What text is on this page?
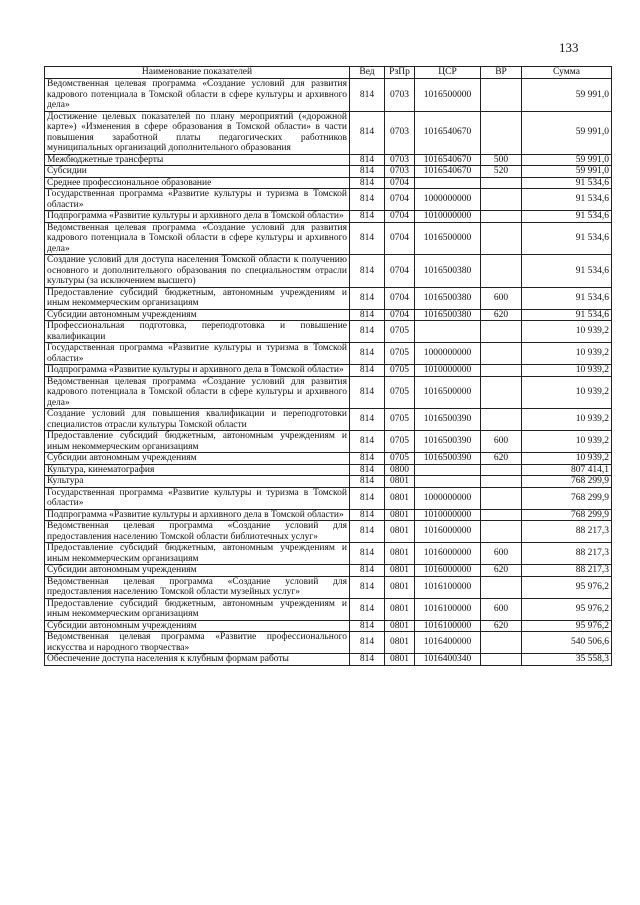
133
Наименование показателей	Вед	РзПр	ЦСР	ВР	Сумма
Ведомственная целевая программа «Создание условий для развития кадрового потенциала в Томской области в сфере культуры и архивного дела»	814	0703	1016500000		59 991,0
Достижение целевых показателей по плану мероприятий («дорожной карте») «Изменения в сфере образования в Томской области» в части повышения заработной платы педагогических работников муниципальных организаций дополнительного образования	814	0703	1016540670		59 991,0
Межбюджетные трансферты	814	0703	1016540670	500	59 991,0
Субсидии	814	0703	1016540670	520	59 991,0
Среднее профессиональное образование	814	0704			91 534,6
Государственная программа «Развитие культуры и туризма в Томской области»	814	0704	1000000000		91 534,6
Подпрограмма «Развитие культуры и архивного дела в Томской области»	814	0704	1010000000		91 534,6
Ведомственная целевая программа «Создание условий для развития кадрового потенциала в Томской области в сфере культуры и архивного дела»	814	0704	1016500000		91 534,6
Создание условий для доступа населения Томской области к получению основного и дополнительного образования по специальностям отрасли культуры (за исключением высшего)	814	0704	1016500380		91 534,6
Предоставление субсидий бюджетным, автономным учреждениям и иным некоммерческим организациям	814	0704	1016500380	600	91 534,6
Субсидии автономным учреждениям	814	0704	1016500380	620	91 534,6
Профессиональная подготовка, переподготовка и повышение квалификации	814	0705			10 939,2
Государственная программа «Развитие культуры и туризма в Томской области»	814	0705	1000000000		10 939,2
Подпрограмма «Развитие культуры и архивного дела в Томской области»	814	0705	1010000000		10 939,2
Ведомственная целевая программа «Создание условий для развития кадрового потенциала в Томской области в сфере культуры и архивного дела»	814	0705	1016500000		10 939,2
Создание условий для повышения квалификации и переподготовки специалистов отрасли культуры Томской области	814	0705	1016500390		10 939,2
Предоставление субсидий бюджетным, автономным учреждениям и иным некоммерческим организациям	814	0705	1016500390	600	10 939,2
Субсидии автономным учреждениям	814	0705	1016500390	620	10 939,2
Культура, кинематография	814	0800			807 414,1
Культура	814	0801			768 299,9
Государственная программа «Развитие культуры и туризма в Томской области»	814	0801	1000000000		768 299,9
Подпрограмма «Развитие культуры и архивного дела в Томской области»	814	0801	1010000000		768 299,9
Ведомственная целевая программа «Создание условий для предоставления населению Томской области библиотечных услуг»	814	0801	1016000000		88 217,3
Предоставление субсидий бюджетным, автономным учреждениям и иным некоммерческим организациям	814	0801	1016000000	600	88 217,3
Субсидии автономным учреждениям	814	0801	1016000000	620	88 217,3
Ведомственная целевая программа «Создание условий для предоставления населению Томской области музейных услуг»	814	0801	1016100000		95 976,2
Предоставление субсидий бюджетным, автономным учреждениям и иным некоммерческим организациям	814	0801	1016100000	600	95 976,2
Субсидии автономным учреждениям	814	0801	1016100000	620	95 976,2
Ведомственная целевая программа «Развитие профессионального искусства и народного творчества»	814	0801	1016400000		540 506,6
Обеспечение доступа населения к клубным формам работы	814	0801	1016400340		35 558,3
